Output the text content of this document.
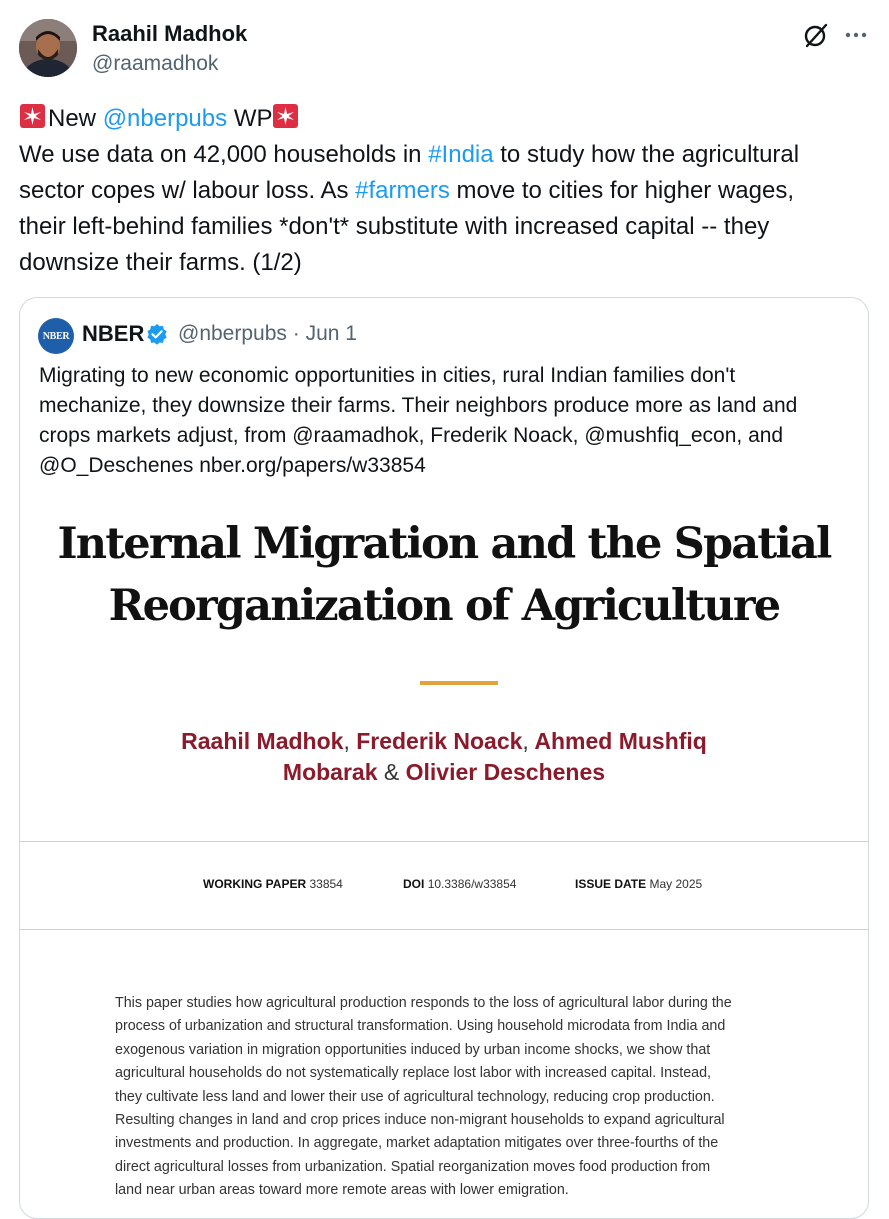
Raahil Madhok
@raamadhok
New @nberpubs WP
We use data on 42,000 households in #India to study how the agricultural
sector copes w/ labour loss. As #farmers move to cities for higher wages,
their left-behind families *don't* substitute with increased capital -- they
downsize their farms. (1/2)
NBER NBER @nberpubs · Jun 1
Migrating to new economic opportunities in cities, rural Indian families don't
mechanize, they downsize their farms. Their neighbors produce more as land and
crops markets adjust, from @raamadhok, Frederik Noack, @mushfiq_econ, and
@O_Deschenes nber.org/papers/w33854
Internal Migration and the Spatial
Reorganization of Agriculture
Raahil Madhok, Frederik Noack, Ahmed Mushfiq
Mobarak & Olivier Deschenes
WORKING PAPER 33854	DOI 10.3386/w33854	ISSUE DATE May 2025
This paper studies how agricultural production responds to the loss of agricultural labor during the
process of urbanization and structural transformation. Using household microdata from India and
exogenous variation in migration opportunities induced by urban income shocks, we show that
agricultural households do not systematically replace lost labor with increased capital. Instead,
they cultivate less land and lower their use of agricultural technology, reducing crop production.
Resulting changes in land and crop prices induce non-migrant households to expand agricultural
investments and production. In aggregate, market adaptation mitigates over three-fourths of the
direct agricultural losses from urbanization. Spatial reorganization moves food production from
land near urban areas toward more remote areas with lower emigration.
